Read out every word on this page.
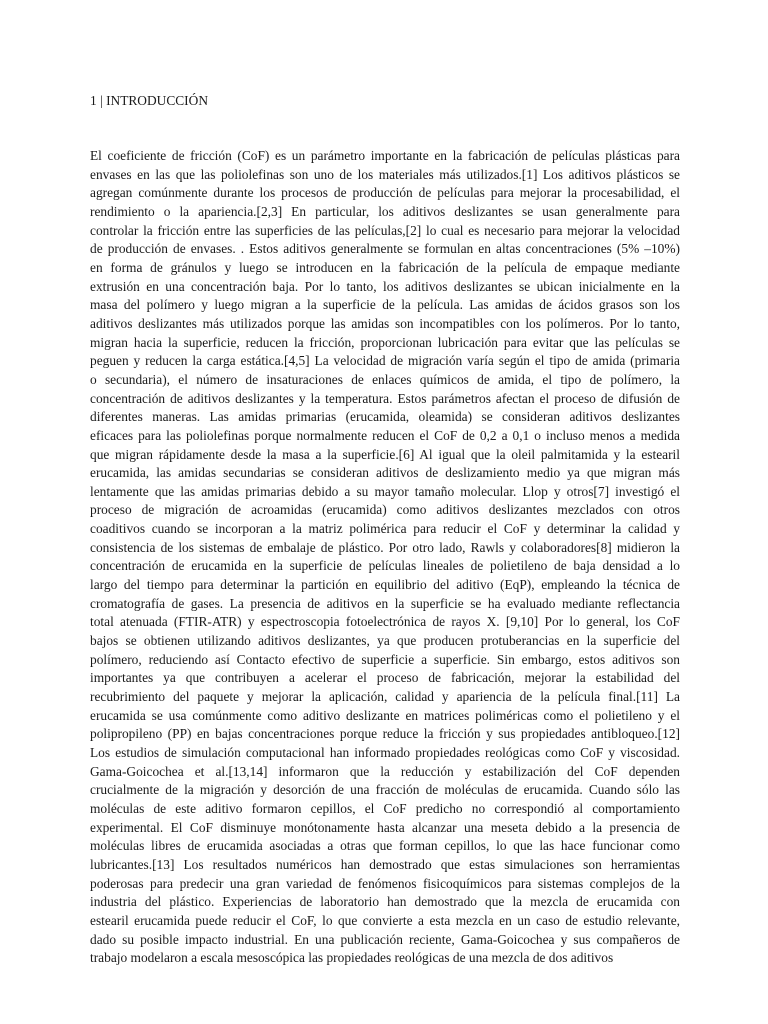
1 | INTRODUCCIÓN
El coeficiente de fricción (CoF) es un parámetro importante en la fabricación de películas plásticas para
envases en las que las poliolefinas son uno de los materiales más utilizados.[1] Los aditivos plásticos se
agregan comúnmente durante los procesos de producción de películas para mejorar la procesabilidad, el
rendimiento o la apariencia.[2,3] En particular, los aditivos deslizantes se usan generalmente para
controlar la fricción entre las superficies de las películas,[2] lo cual es necesario para mejorar la velocidad
de producción de envases. . Estos aditivos generalmente se formulan en altas concentraciones (5% –10%)
en forma de gránulos y luego se introducen en la fabricación de la película de empaque mediante
extrusión en una concentración baja. Por lo tanto, los aditivos deslizantes se ubican inicialmente en la
masa del polímero y luego migran a la superficie de la película. Las amidas de ácidos grasos son los
aditivos deslizantes más utilizados porque las amidas son incompatibles con los polímeros. Por lo tanto,
migran hacia la superficie, reducen la fricción, proporcionan lubricación para evitar que las películas se
peguen y reducen la carga estática.[4,5] La velocidad de migración varía según el tipo de amida (primaria
o secundaria), el número de insaturaciones de enlaces químicos de amida, el tipo de polímero, la
concentración de aditivos deslizantes y la temperatura. Estos parámetros afectan el proceso de difusión de
diferentes maneras. Las amidas primarias (erucamida, oleamida) se consideran aditivos deslizantes
eficaces para las poliolefinas porque normalmente reducen el CoF de 0,2 a 0,1 o incluso menos a medida
que migran rápidamente desde la masa a la superficie.[6] Al igual que la oleil palmitamida y la estearil
erucamida, las amidas secundarias se consideran aditivos de deslizamiento medio ya que migran más
lentamente que las amidas primarias debido a su mayor tamaño molecular. Llop y otros[7] investigó el
proceso de migración de acroamidas (erucamida) como aditivos deslizantes mezclados con otros
coaditivos cuando se incorporan a la matriz polimérica para reducir el CoF y determinar la calidad y
consistencia de los sistemas de embalaje de plástico. Por otro lado, Rawls y colaboradores[8] midieron la
concentración de erucamida en la superficie de películas lineales de polietileno de baja densidad a lo
largo del tiempo para determinar la partición en equilibrio del aditivo (EqP), empleando la técnica de
cromatografía de gases. La presencia de aditivos en la superficie se ha evaluado mediante reflectancia
total atenuada (FTIR-ATR) y espectroscopia fotoelectrónica de rayos X. [9,10] Por lo general, los CoF
bajos se obtienen utilizando aditivos deslizantes, ya que producen protuberancias en la superficie del
polímero, reduciendo así Contacto efectivo de superficie a superficie. Sin embargo, estos aditivos son
importantes ya que contribuyen a acelerar el proceso de fabricación, mejorar la estabilidad del
recubrimiento del paquete y mejorar la aplicación, calidad y apariencia de la película final.[11] La
erucamida se usa comúnmente como aditivo deslizante en matrices poliméricas como el polietileno y el
polipropileno (PP) en bajas concentraciones porque reduce la fricción y sus propiedades antibloqueo.[12]
Los estudios de simulación computacional han informado propiedades reológicas como CoF y viscosidad.
Gama-Goicochea et al.[13,14] informaron que la reducción y estabilización del CoF dependen
crucialmente de la migración y desorción de una fracción de moléculas de erucamida. Cuando sólo las
moléculas de este aditivo formaron cepillos, el CoF predicho no correspondió al comportamiento
experimental. El CoF disminuye monótonamente hasta alcanzar una meseta debido a la presencia de
moléculas libres de erucamida asociadas a otras que forman cepillos, lo que las hace funcionar como
lubricantes.[13] Los resultados numéricos han demostrado que estas simulaciones son herramientas
poderosas para predecir una gran variedad de fenómenos fisicoquímicos para sistemas complejos de la
industria del plástico. Experiencias de laboratorio han demostrado que la mezcla de erucamida con
estearil erucamida puede reducir el CoF, lo que convierte a esta mezcla en un caso de estudio relevante,
dado su posible impacto industrial. En una publicación reciente, Gama-Goicochea y sus compañeros de
trabajo modelaron a escala mesoscópica las propiedades reológicas de una mezcla de dos aditivos
